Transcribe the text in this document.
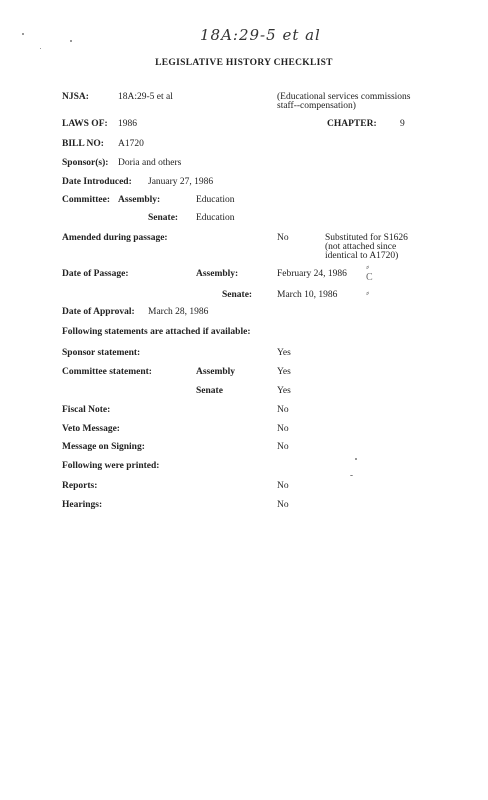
18A:29-5 et al
LEGISLATIVE HISTORY CHECKLIST
NJSA:	18A:29-5 et al	(Educational services commissions
staff--compensation)
LAWS OF: 1986	CHAPTER: 9
BILL NO: A1720
Sponsor(s): Doria and others
Date Introduced: January 27, 1986
Committee: Assembly:	Education
Senate: Education
Amended during passage:	No	Substituted for S1626
(not attached since
identical to A1720)
Date of Passage:	Assembly:	February 24, 1986
Senate:	March 10, 1986
⸗
C
⸗
Date of Approval: March 28, 1986
Following statements are attached if available:
Sponsor statement:	Yes
Committee statement:	Assembly	Yes
Senate	Yes
Fiscal Note:	No
Veto Message:	No
Message on Signing:	No
Following were printed:
Reports:	No
Hearings:	No
